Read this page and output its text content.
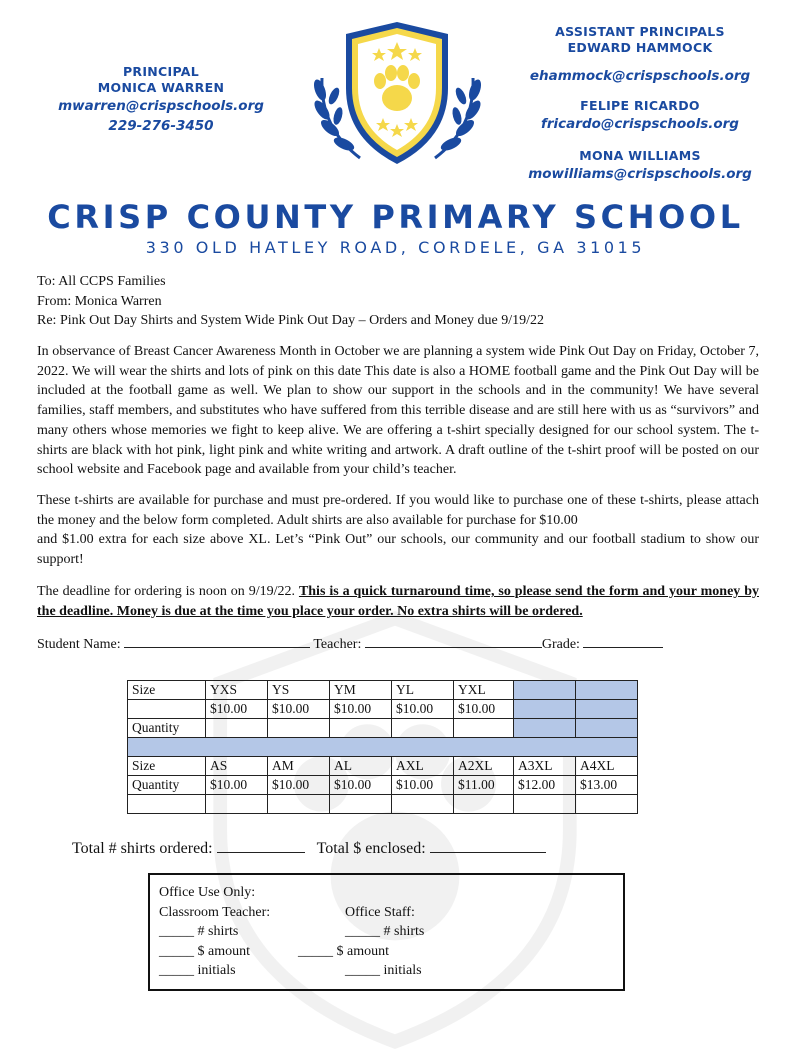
PRINCIPAL
MONICA WARREN
mwarren@crispschools.org
229-276-3450
ASSISTANT PRINCIPALS
EDWARD HAMMOCK
ehammock@crispschools.org
FELIPE RICARDO
fricardo@crispschools.org
MONA WILLIAMS
mowilliams@crispschools.org
CRISP COUNTY PRIMARY SCHOOL
330 OLD HATLEY ROAD, CORDELE, GA 31015
To: All CCPS Families
From: Monica Warren
Re: Pink Out Day Shirts and System Wide Pink Out Day – Orders and Money due 9/19/22
In observance of Breast Cancer Awareness Month in October we are planning a system wide Pink Out Day on Friday, October 7, 2022. We will wear the shirts and lots of pink on this date This date is also a HOME football game and the Pink Out Day will be included at the football game as well. We plan to show our support in the schools and in the community! We have several families, staff members, and substitutes who have suffered from this terrible disease and are still here with us as “survivors” and many others whose memories we fight to keep alive. We are offering a t-shirt specially designed for our school system. The t-shirts are black with hot pink, light pink and white writing and artwork. A draft outline of the t-shirt proof will be posted on our school website and Facebook page and available from your child’s teacher.
These t-shirts are available for purchase and must pre-ordered. If you would like to purchase one of these t-shirts, please attach the money and the below form completed. Adult shirts are also available for purchase for $10.00
and $1.00 extra for each size above XL. Let’s “Pink Out” our schools, our community and our football stadium to show our support!
The deadline for ordering is noon on 9/19/22. This is a quick turnaround time, so please send the form and your money by the deadline. Money is due at the time you place your order. No extra shirts will be ordered.
Student Name:	Teacher:	Grade:
Size	YXS	YS	YM	YL	YXL		
	$10.00	$10.00	$10.00	$10.00	$10.00		
Quantity							

Size	AS	AM	AL	AXL	A2XL	A3XL	A4XL
Quantity	$10.00	$10.00	$10.00	$10.00	$11.00	$12.00	$13.00

Total # shirts ordered:	Total $ enclosed:
Office Use Only:
Classroom Teacher:	Office Staff:
_____ # shirts	_____ # shirts
_____ $ amount	_____ $ amount
_____ initials	_____ initials
